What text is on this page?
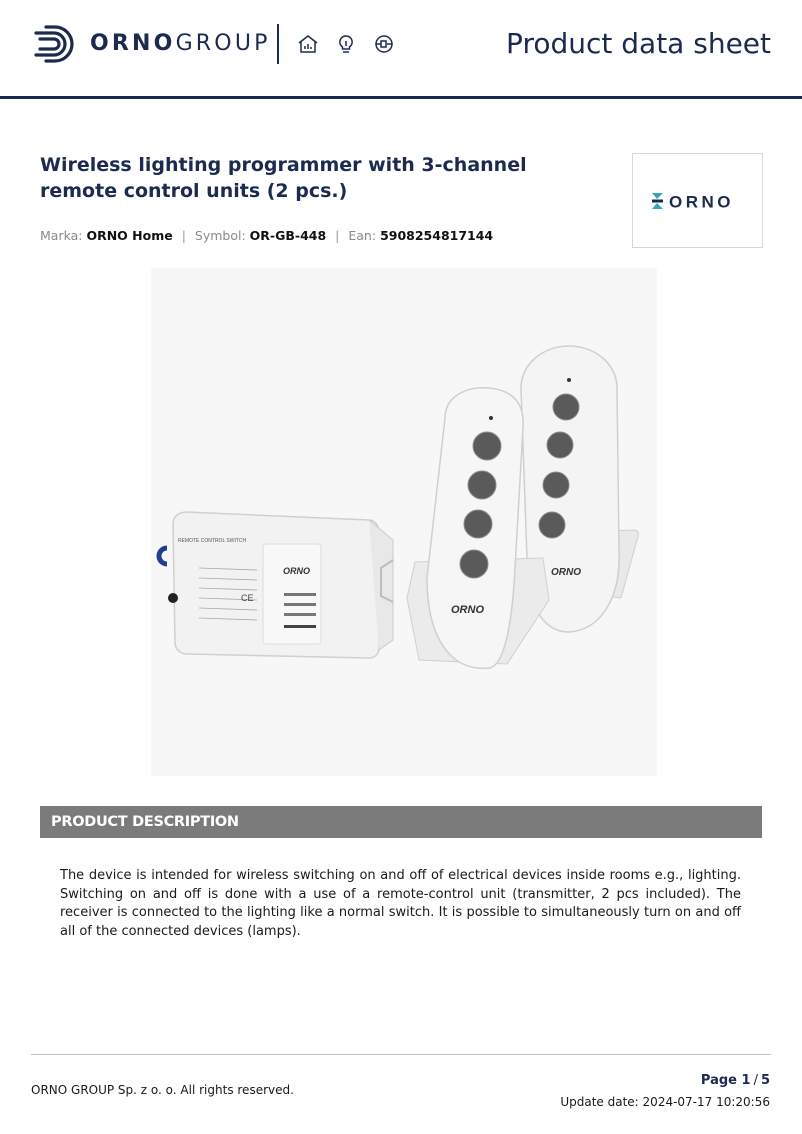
ORNOGROUP	Product data sheet
Wireless lighting programmer with 3-channel remote control units (2 pcs.)
Marka: ORNO Home | Symbol: OR-GB-448 | Ean: 5908254817144
ORNO
ORNO
REMOTE CONTROL SWITCH
CE
ORNO
ORNO
PRODUCT DESCRIPTION

The device is intended for wireless switching on and off of electrical devices inside rooms e.g., lighting. Switching on and off is done with a use of a remote-control unit (transmitter, 2 pcs included). The receiver is connected to the lighting like a normal switch. It is possible to simultaneously turn on and off all of the connected devices (lamps).

ORNO GROUP Sp. z o. o. All rights reserved.
Page 1 / 5
Update date: 2024-07-17 10:20:56
